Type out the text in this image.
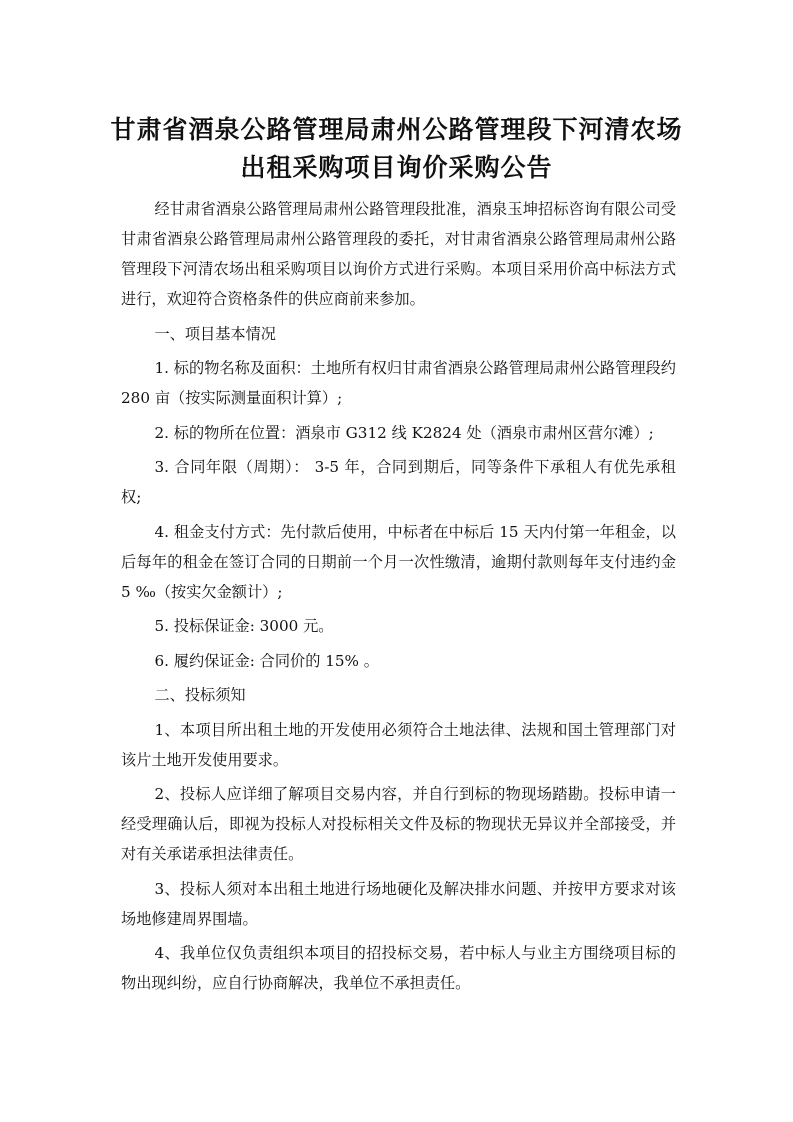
甘肃省酒泉公路管理局肃州公路管理段下河清农场
出租采购项目询价采购公告

经甘肃省酒泉公路管理局肃州公路管理段批准，酒泉玉坤招标咨询有限公司受甘肃省酒泉公路管理局肃州公路管理段的委托，对甘肃省酒泉公路管理局肃州公路管理段下河清农场出租采购项目以询价方式进行采购。本项目采用价高中标法方式进行，欢迎符合资格条件的供应商前来参加。

一、项目基本情况

1. 标的物名称及面积：土地所有权归甘肃省酒泉公路管理局肃州公路管理段约 280 亩（按实际测量面积计算）;

2. 标的物所在位置：酒泉市 G312 线 K2824 处（酒泉市肃州区营尔滩）;

3. 合同年限（周期）： 3-5 年，合同到期后，同等条件下承租人有优先承租权;

4. 租金支付方式：先付款后使用，中标者在中标后 15 天内付第一年租金，以后每年的租金在签订合同的日期前一个月一次性缴清，逾期付款则每年支付违约金 5 ‰（按实欠金额计）;

5. 投标保证金: 3000 元。

6. 履约保证金: 合同价的 15% 。

二、投标须知

1、本项目所出租土地的开发使用必须符合土地法律、法规和国土管理部门对该片土地开发使用要求。

2、投标人应详细了解项目交易内容，并自行到标的物现场踏勘。投标申请一经受理确认后，即视为投标人对投标相关文件及标的物现状无异议并全部接受，并对有关承诺承担法律责任。

3、投标人须对本出租土地进行场地硬化及解决排水问题、并按甲方要求对该场地修建周界围墙。

4、我单位仅负责组织本项目的招投标交易，若中标人与业主方围绕项目标的物出现纠纷，应自行协商解决，我单位不承担责任。
